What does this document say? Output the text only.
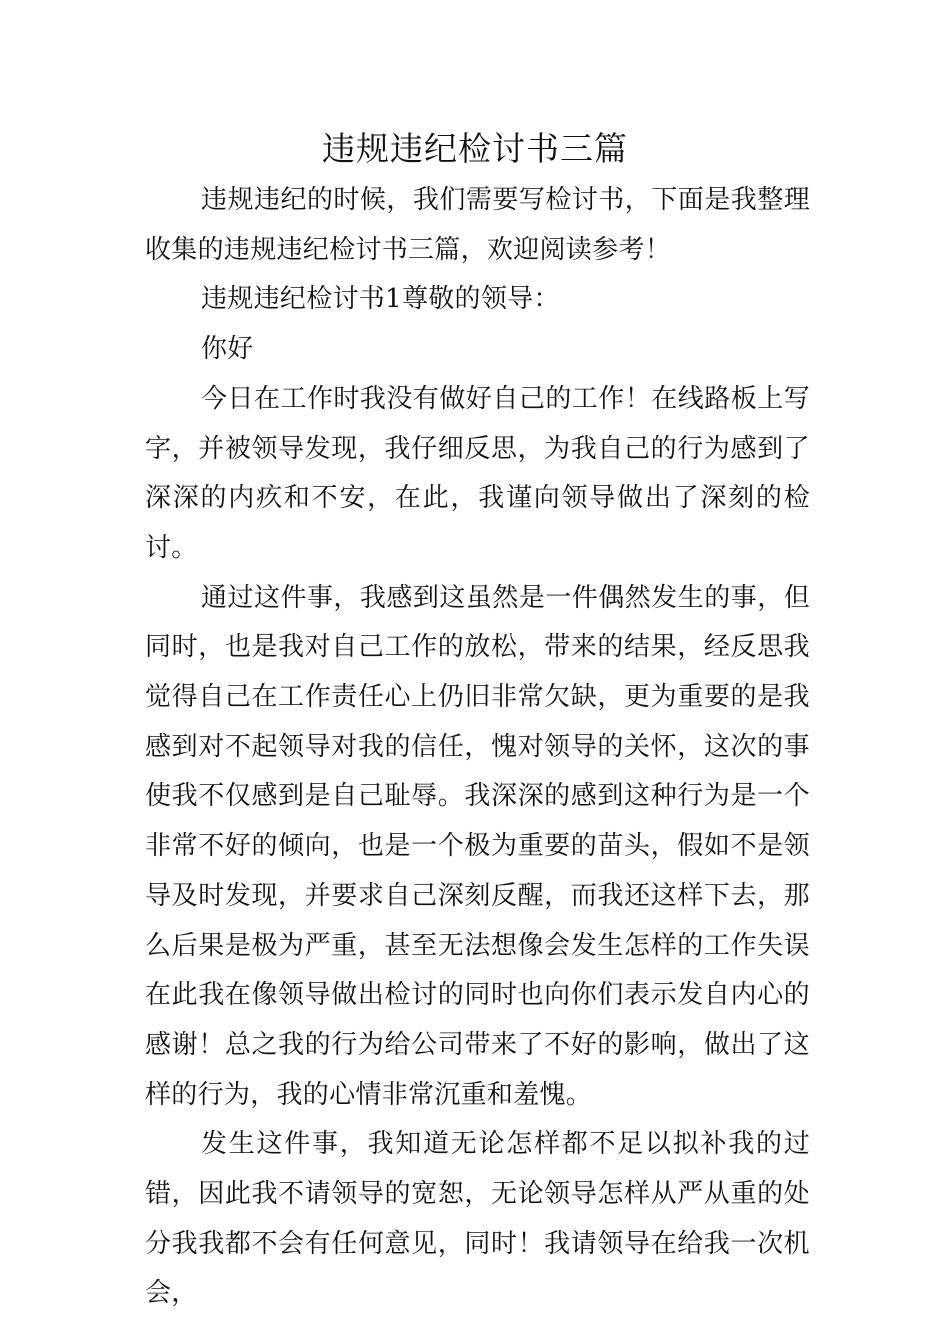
违规违纪检讨书三篇

违规违纪的时候，我们需要写检讨书，下面是我整理收集的违规违纪检讨书三篇，欢迎阅读参考！

违规违纪检讨书1尊敬的领导：

你好

今日在工作时我没有做好自己的工作！在线路板上写字，并被领导发现，我仔细反思，为我自己的行为感到了深深的内疚和不安，在此，我谨向领导做出了深刻的检讨。

通过这件事，我感到这虽然是一件偶然发生的事，但同时，也是我对自己工作的放松，带来的结果，经反思我觉得自己在工作责任心上仍旧非常欠缺，更为重要的是我感到对不起领导对我的信任，愧对领导的关怀，这次的事使我不仅感到是自己耻辱。我深深的感到这种行为是一个非常不好的倾向，也是一个极为重要的苗头，假如不是领导及时发现，并要求自己深刻反醒，而我还这样下去，那么后果是极为严重，甚至无法想像会发生怎样的工作失误在此我在像领导做出检讨的同时也向你们表示发自内心的感谢！总之我的行为给公司带来了不好的影响，做出了这样的行为，我的心情非常沉重和羞愧。

发生这件事，我知道无论怎样都不足以拟补我的过错，因此我不请领导的宽恕，无论领导怎样从严从重的处分我我都不会有任何意见，同时！我请领导在给我一次机会，
